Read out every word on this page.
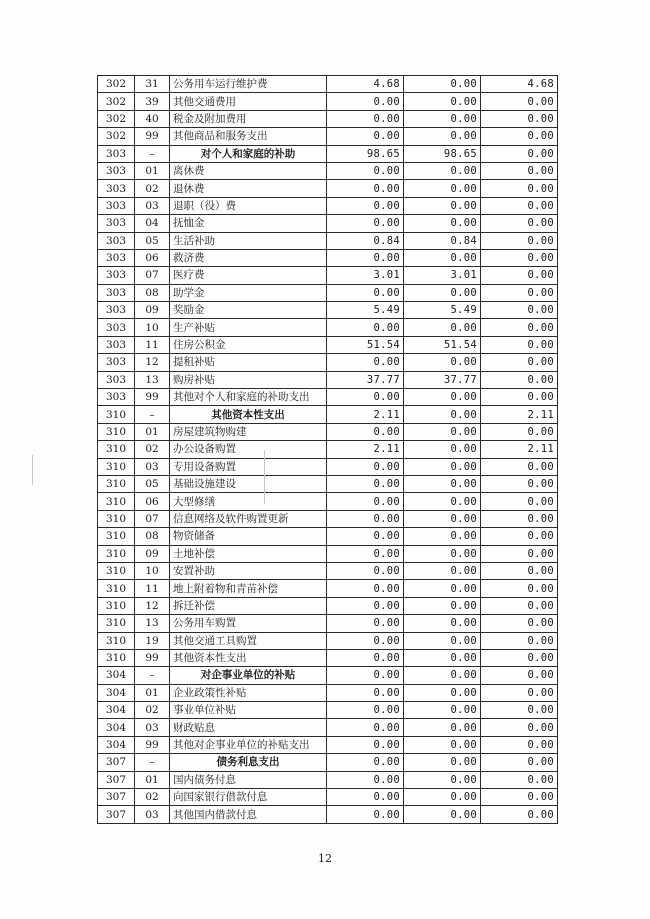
302	31	公务用车运行维护费	4.68	0.00	4.68
302	39	其他交通费用	0.00	0.00	0.00
302	40	税金及附加费用	0.00	0.00	0.00
302	99	其他商品和服务支出	0.00	0.00	0.00
303	–	对个人和家庭的补助	98.65	98.65	0.00
303	01	离休费	0.00	0.00	0.00
303	02	退休费	0.00	0.00	0.00
303	03	退职（役）费	0.00	0.00	0.00
303	04	抚恤金	0.00	0.00	0.00
303	05	生活补助	0.84	0.84	0.00
303	06	救济费	0.00	0.00	0.00
303	07	医疗费	3.01	3.01	0.00
303	08	助学金	0.00	0.00	0.00
303	09	奖励金	5.49	5.49	0.00
303	10	生产补贴	0.00	0.00	0.00
303	11	住房公积金	51.54	51.54	0.00
303	12	提租补贴	0.00	0.00	0.00
303	13	购房补贴	37.77	37.77	0.00
303	99	其他对个人和家庭的补助支出	0.00	0.00	0.00
310	–	其他资本性支出	2.11	0.00	2.11
310	01	房屋建筑物购建	0.00	0.00	0.00
310	02	办公设备购置	2.11	0.00	2.11
310	03	专用设备购置	0.00	0.00	0.00
310	05	基础设施建设	0.00	0.00	0.00
310	06	大型修缮	0.00	0.00	0.00
310	07	信息网络及软件购置更新	0.00	0.00	0.00
310	08	物资储备	0.00	0.00	0.00
310	09	土地补偿	0.00	0.00	0.00
310	10	安置补助	0.00	0.00	0.00
310	11	地上附着物和青苗补偿	0.00	0.00	0.00
310	12	拆迁补偿	0.00	0.00	0.00
310	13	公务用车购置	0.00	0.00	0.00
310	19	其他交通工具购置	0.00	0.00	0.00
310	99	其他资本性支出	0.00	0.00	0.00
304	–	对企事业单位的补贴	0.00	0.00	0.00
304	01	企业政策性补贴	0.00	0.00	0.00
304	02	事业单位补贴	0.00	0.00	0.00
304	03	财政贴息	0.00	0.00	0.00
304	99	其他对企事业单位的补贴支出	0.00	0.00	0.00
307	–	债务利息支出	0.00	0.00	0.00
307	01	国内债务付息	0.00	0.00	0.00
307	02	向国家银行借款付息	0.00	0.00	0.00
307	03	其他国内借款付息	0.00	0.00	0.00
12
